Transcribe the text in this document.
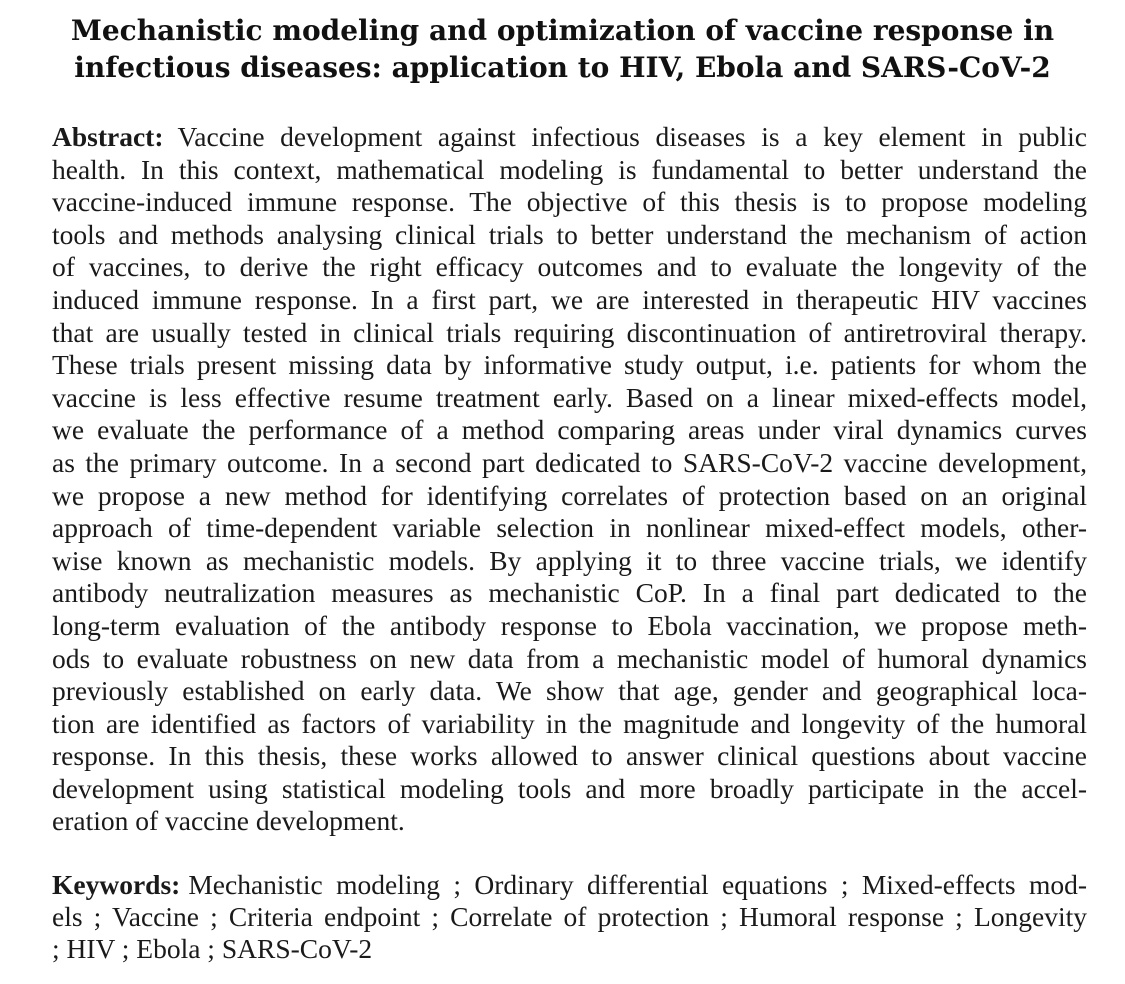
Mechanistic modeling and optimization of vaccine response in
infectious diseases: application to HIV, Ebola and SARS-CoV-2
Abstract: Vaccine development against infectious diseases is a key element in public
health. In this context, mathematical modeling is fundamental to better understand the
vaccine-induced immune response. The objective of this thesis is to propose modeling
tools and methods analysing clinical trials to better understand the mechanism of action
of vaccines, to derive the right efficacy outcomes and to evaluate the longevity of the
induced immune response. In a first part, we are interested in therapeutic HIV vaccines
that are usually tested in clinical trials requiring discontinuation of antiretroviral therapy.
These trials present missing data by informative study output, i.e. patients for whom the
vaccine is less effective resume treatment early. Based on a linear mixed-effects model,
we evaluate the performance of a method comparing areas under viral dynamics curves
as the primary outcome. In a second part dedicated to SARS-CoV-2 vaccine development,
we propose a new method for identifying correlates of protection based on an original
approach of time-dependent variable selection in nonlinear mixed-effect models, other-
wise known as mechanistic models. By applying it to three vaccine trials, we identify
antibody neutralization measures as mechanistic CoP. In a final part dedicated to the
long-term evaluation of the antibody response to Ebola vaccination, we propose meth-
ods to evaluate robustness on new data from a mechanistic model of humoral dynamics
previously established on early data. We show that age, gender and geographical loca-
tion are identified as factors of variability in the magnitude and longevity of the humoral
response. In this thesis, these works allowed to answer clinical questions about vaccine
development using statistical modeling tools and more broadly participate in the accel-
eration of vaccine development.
Keywords: Mechanistic modeling ; Ordinary differential equations ; Mixed-effects mod-
els ; Vaccine ; Criteria endpoint ; Correlate of protection ; Humoral response ; Longevity
; HIV ; Ebola ; SARS-CoV-2
